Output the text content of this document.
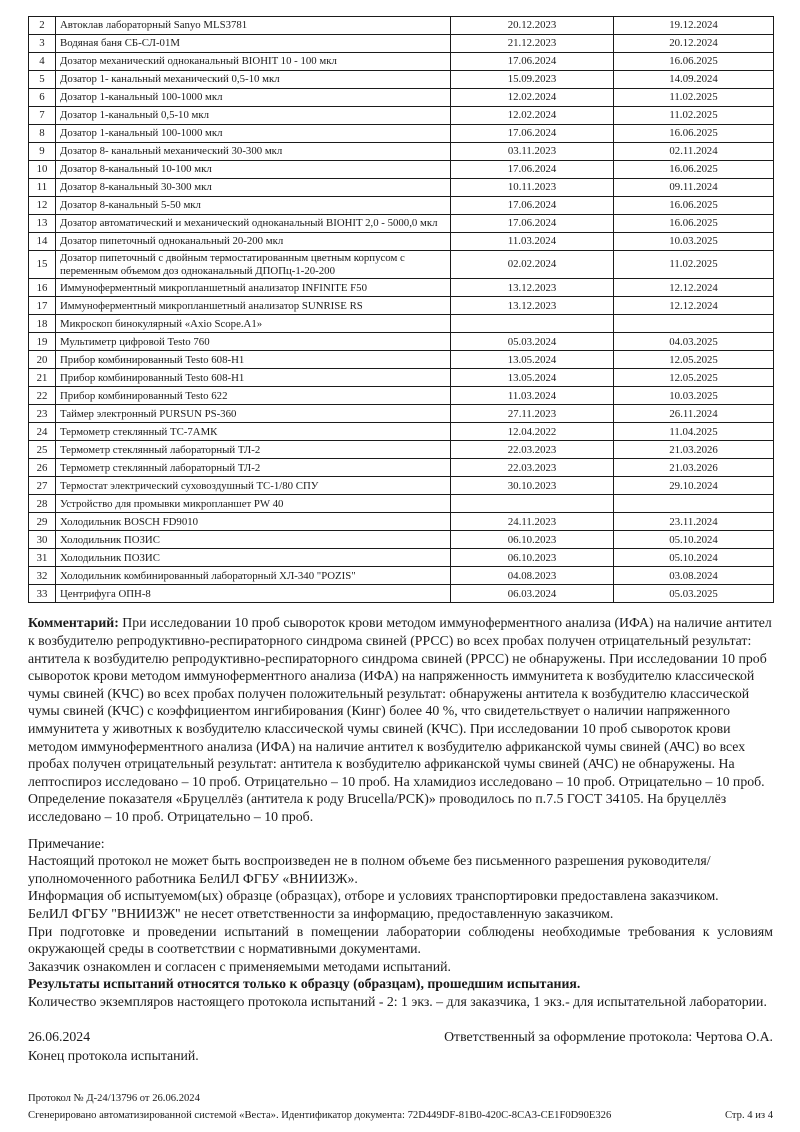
2	Автоклав лабораторный Sanyo MLS3781	20.12.2023	19.12.2024
3	Водяная баня СБ-СЛ-01М	21.12.2023	20.12.2024
4	Дозатор механический одноканальный BIOHIT 10 - 100 мкл	17.06.2024	16.06.2025
5	Дозатор 1- канальный механический 0,5-10 мкл	15.09.2023	14.09.2024
6	Дозатор 1-канальный 100-1000 мкл	12.02.2024	11.02.2025
7	Дозатор 1-канальный 0,5-10 мкл	12.02.2024	11.02.2025
8	Дозатор 1-канальный 100-1000 мкл	17.06.2024	16.06.2025
9	Дозатор 8- канальный механический 30-300 мкл	03.11.2023	02.11.2024
10	Дозатор 8-канальный 10-100 мкл	17.06.2024	16.06.2025
11	Дозатор 8-канальный 30-300 мкл	10.11.2023	09.11.2024
12	Дозатор 8-канальный 5-50 мкл	17.06.2024	16.06.2025
13	Дозатор автоматический и механический одноканальный BIOHIT 2,0 - 5000,0 мкл	17.06.2024	16.06.2025
14	Дозатор пипеточный одноканальный 20-200 мкл	11.03.2024	10.03.2025
15	Дозатор пипеточный с двойным термостатированным цветным корпусом с переменным объемом доз одноканальный ДПОПц-1-20-200	02.02.2024	11.02.2025
16	Иммуноферментный микропланшетный анализатор INFINITE F50	13.12.2023	12.12.2024
17	Иммуноферментный микропланшетный анализатор SUNRISE RS	13.12.2023	12.12.2024
18	Микроскоп бинокулярный «Axio Scope.A1»		
19	Мультиметр цифровой Testo 760	05.03.2024	04.03.2025
20	Прибор комбинированный Testo 608-H1	13.05.2024	12.05.2025
21	Прибор комбинированный Testo 608-H1	13.05.2024	12.05.2025
22	Прибор комбинированный Testo 622	11.03.2024	10.03.2025
23	Таймер электронный PURSUN PS-360	27.11.2023	26.11.2024
24	Термометр стеклянный ТС-7АМК	12.04.2022	11.04.2025
25	Термометр стеклянный лабораторный ТЛ-2	22.03.2023	21.03.2026
26	Термометр стеклянный лабораторный ТЛ-2	22.03.2023	21.03.2026
27	Термостат электрический суховоздушный ТС-1/80 СПУ	30.10.2023	29.10.2024
28	Устройство для промывки микропланшет PW 40		
29	Холодильник BOSCH FD9010	24.11.2023	23.11.2024
30	Холодильник ПОЗИС	06.10.2023	05.10.2024
31	Холодильник ПОЗИС	06.10.2023	05.10.2024
32	Холодильник комбинированный лабораторный ХЛ-340 "POZIS"	04.08.2023	03.08.2024
33	Центрифуга ОПН-8	06.03.2024	05.03.2025

Комментарий: При исследовании 10 проб сывороток крови методом иммуноферментного анализа (ИФА) на наличие антител к возбудителю репродуктивно-респираторного синдрома свиней (РРСС) во всех пробах получен отрицательный результат: антитела к возбудителю репродуктивно-респираторного синдрома свиней (РРСС) не обнаружены. При исследовании 10 проб сывороток крови методом иммуноферментного анализа (ИФА) на напряженность иммунитета к возбудителю классической чумы свиней (КЧС) во всех пробах получен положительный результат: обнаружены антитела к возбудителю классической чумы свиней (КЧС) с коэффициентом ингибирования (Кинг) более 40 %, что свидетельствует о наличии напряженного иммунитета у животных к возбудителю классической чумы свиней (КЧС). При исследовании 10 проб сывороток крови методом иммуноферментного анализа (ИФА) на наличие антител к возбудителю африканской чумы свиней (АЧС) во всех пробах получен отрицательный результат: антитела к возбудителю африканской чумы свиней (АЧС) не обнаружены. На лептоспироз исследовано – 10 проб. Отрицательно – 10 проб. На хламидиоз исследовано – 10 проб. Отрицательно – 10 проб. Определение показателя «Бруцеллёз (антитела к роду Brucella/РСК)» проводилось по п.7.5 ГОСТ 34105. На бруцеллёз исследовано – 10 проб. Отрицательно – 10 проб.

Примечание:

Настоящий протокол не может быть воспроизведен не в полном объеме без письменного разрешения руководителя/уполномоченного работника БелИЛ ФГБУ «ВНИИЗЖ».

Информация об испытуемом(ых) образце (образцах), отборе и условиях транспортировки предоставлена заказчиком.

БелИЛ ФГБУ "ВНИИЗЖ" не несет ответственности за информацию, предоставленную заказчиком.

При подготовке и проведении испытаний в помещении лаборатории соблюдены необходимые требования к условиям окружающей среды в соответствии с нормативными документами.

Заказчик ознакомлен и согласен с применяемыми методами испытаний.

Результаты испытаний относятся только к образцу (образцам), прошедшим испытания.

Количество экземпляров настоящего протокола испытаний - 2: 1 экз. – для заказчика, 1 экз.- для испытательной лаборатории.

26.06.2024	Ответственный за оформление протокола: Чертова О.А.
Конец протокола испытаний.
Протокол № Д-24/13796 от 26.06.2024
Сгенерировано автоматизированной системой «Веста». Идентификатор документа: 72D449DF-81B0-420C-8CA3-CE1F0D90E326	Стр. 4 из 4
